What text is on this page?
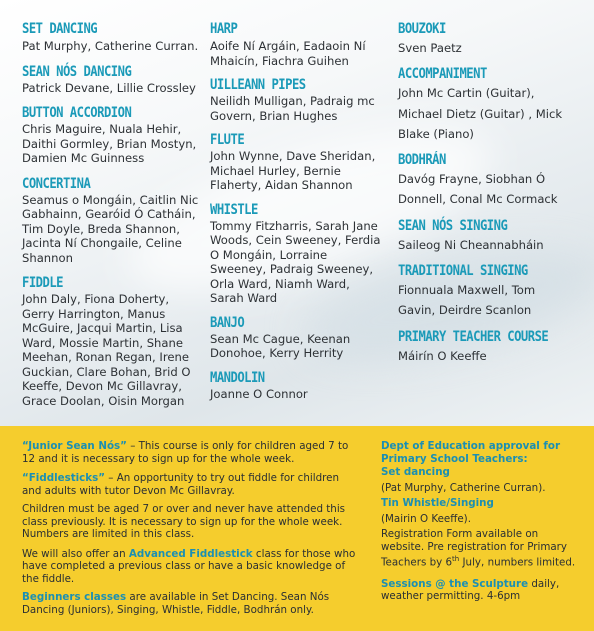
SET DANCING
Pat Murphy, Catherine Curran.
SEAN NÓS DANCING
Patrick Devane, Lillie Crossley
BUTTON ACCORDION
Chris Maguire, Nuala Hehir, Daithi Gormley, Brian Mostyn, Damien Mc Guinness
CONCERTINA
Seamus o Mongáin, Caitlin Nic Gabhainn, Gearóid Ó Catháin, Tim Doyle, Breda Shannon, Jacinta Ní Chongaile, Celine Shannon
FIDDLE
John Daly, Fiona Doherty, Gerry Harrington, Manus McGuire, Jacqui Martin, Lisa Ward, Mossie Martin, Shane Meehan, Ronan Regan, Irene Guckian, Clare Bohan, Brid O Keeffe, Devon Mc Gillavray, Grace Doolan, Oisin Morgan
HARP
Aoife Ní Argáin, Eadaoin Ní Mhaicín, Fiachra Guihen
UILLEANN PIPES
Neilidh Mulligan, Padraig mc Govern, Brian Hughes
FLUTE
John Wynne, Dave Sheridan, Michael Hurley, Bernie Flaherty, Aidan Shannon
WHISTLE
Tommy Fitzharris, Sarah Jane Woods, Cein Sweeney, Ferdia O Mongáin, Lorraine Sweeney, Padraig Sweeney, Orla Ward, Niamh Ward, Sarah Ward
BANJO
Sean Mc Cague, Keenan Donohoe, Kerry Herrity
MANDOLIN
Joanne O Connor
BOUZOKI
Sven Paetz
ACCOMPANIMENT
John Mc Cartin (Guitar), Michael Dietz (Guitar) , Mick Blake (Piano)
BODHRÁN
Davóg Frayne, Siobhan Ó Donnell, Conal Mc Cormack
SEAN NÓS SINGING
Saileog Ni Cheannabháin
TRADITIONAL SINGING
Fionnuala Maxwell, Tom Gavin, Deirdre Scanlon
PRIMARY TEACHER COURSE
Máirín O Keeffe

“Junior Sean Nós” – This course is only for children aged 7 to 12 and it is necessary to sign up for the whole week.

“Fiddlesticks” – An opportunity to try out fiddle for children and adults with tutor Devon Mc Gillavray.

Children must be aged 7 or over and never have attended this class previously. It is necessary to sign up for the whole week. Numbers are limited in this class.

We will also offer an Advanced Fiddlestick class for those who have completed a previous class or have a basic knowledge of the fiddle.

Beginners classes are available in Set Dancing. Sean Nós Dancing (Juniors), Singing, Whistle, Fiddle, Bodhrán only.

Dept of Education approval for Primary School Teachers:

Set dancing

(Pat Murphy, Catherine Curran).

Tin Whistle/Singing

(Mairin O Keeffe).

Registration Form available on website. Pre registration for Primary Teachers by 6th July, numbers limited.

Sessions @ the Sculpture daily, weather permitting. 4-6pm
